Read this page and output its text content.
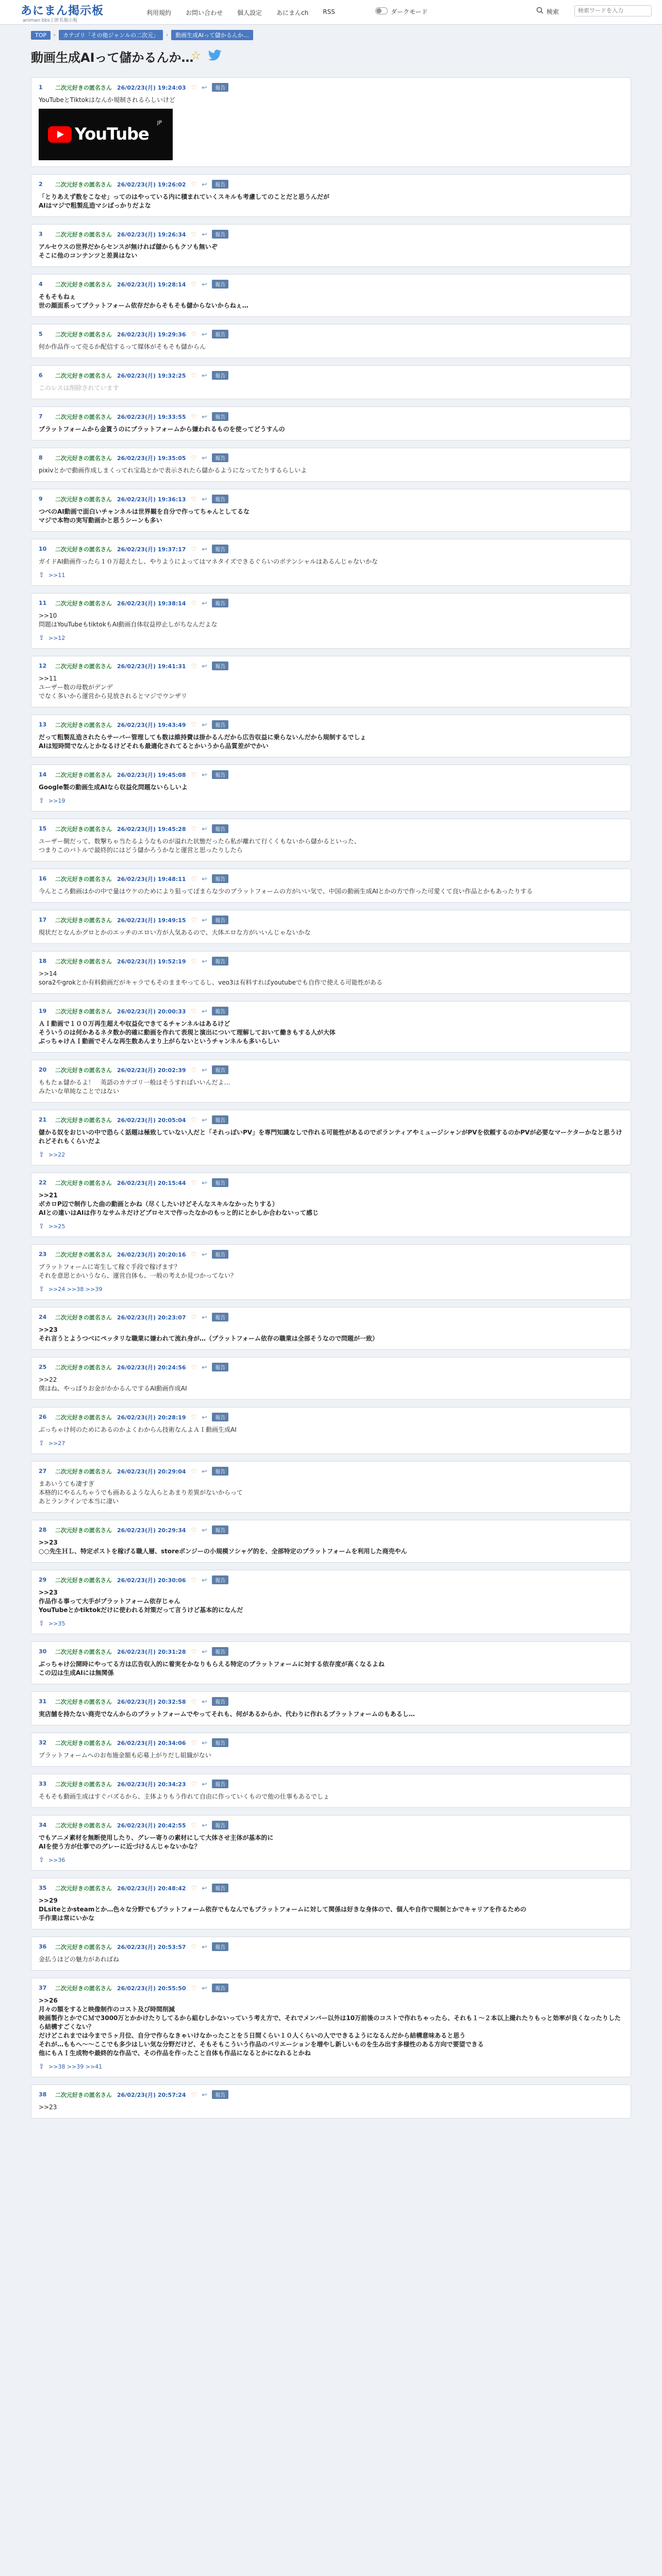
あにまん掲示板
animan bbs | 匿名掲示板
利用規約	お問い合わせ	個人設定	あにまんch	RSS	ダークモード	検索
検索ワードを入力
TOP	›	カテゴリ「その他ジャンルの二次元」	›	動画生成AIって儲かるんか…
動画生成AIって儲かるんか…
☆
1	二次元好きの匿名さん 26/02/23(月) 19:24:03 ♡ ↩	報告
YouTubeとTiktokはなんか規制されるらしいけど
YouTube
JP
2	二次元好きの匿名さん 26/02/23(月) 19:26:02 ♡ ↩	報告
「とりあえず数をこなせ」ってのはやっている内に積まれていくスキルも考慮してのことだと思うんだが
AIはマジで粗製乱造マシばっかりだよな
3	二次元好きの匿名さん 26/02/23(月) 19:26:34 ♡ ↩	報告
アルセウスの世界だからセンスが無ければ儲からもクソも無いぞ
そこに他のコンテンツと差異はない
4	二次元好きの匿名さん 26/02/23(月) 19:28:14 ♡ ↩	報告
そもそもねぇ
世の顔面系ってプラットフォーム依存だからそもそも儲からないからねぇ…
5	二次元好きの匿名さん 26/02/23(月) 19:29:36 ♡ ↩	報告
何か作品作って売るか配信するって媒体がそもそも儲からん
6	二次元好きの匿名さん 26/02/23(月) 19:32:25 ♡ ↩	報告
このレスは削除されています
7	二次元好きの匿名さん 26/02/23(月) 19:33:55 ♡ ↩	報告
プラットフォームから金貰うのにプラットフォームから嫌われるものを使ってどうすんの
8	二次元好きの匿名さん 26/02/23(月) 19:35:05 ♡ ↩	報告
pixivとかで動画作成しまくってれ宝島とかで表示されたら儲かるようになってたりするらしいよ
9	二次元好きの匿名さん 26/02/23(月) 19:36:13 ♡ ↩	報告
つべのAI動画で面白いチャンネルは世界観を自分で作ってちゃんとしてるな
マジで本物の実写動画かと思うシーンも多い
10	二次元好きの匿名さん 26/02/23(月) 19:37:17 ♡ ↩	報告
ガイドAI動画作ったら１０万超えたし、やりようによってはマネタイズできるぐらいのポテンシャルはあるんじゃないかな
⇪ >>11
11	二次元好きの匿名さん 26/02/23(月) 19:38:14 ♡ ↩	報告
>>10
問題はYouTubeもtiktokもAI動画自体収益停止しがちなんだよな
⇪ >>12
12	二次元好きの匿名さん 26/02/23(月) 19:41:31 ♡ ↩	報告
>>11
ユーザー数の母数がデンデ
でなく多いから運営から見放されるとマジでウンザリ
13	二次元好きの匿名さん 26/02/23(月) 19:43:49 ♡ ↩	報告
だって粗製乱造されたらサーバー管理しても数は維持費は掛かるんだから広告収益に乗らないんだから規制するでしょ
AIは短時間でなんとかなるけどそれも最適化されてるとかいうから品質差がでかい
14	二次元好きの匿名さん 26/02/23(月) 19:45:08 ♡ ↩	報告
Google製の動画生成AIなら収益化問題ないらしいよ
⇪ >>19
15	二次元好きの匿名さん 26/02/23(月) 19:45:28 ♡ ↩	報告
ユーザー側だって、数撃ちゃ当たるようなものが溢れた状態だったら私が離れて行くくもないから儲かるといった、
つまりこのバトルで最終的にはどう儲かろうかなと運営と思ったりしたら
16	二次元好きの匿名さん 26/02/23(月) 19:48:11 ♡ ↩	報告
今んところ動画はかの中で量はウケのためにより狙ってぽまらな少のプラットフォームの方がいい気で、中国の動画生成AIとかの方で作った可愛くて良い作品とかもあったりする
17	二次元好きの匿名さん 26/02/23(月) 19:49:15 ♡ ↩	報告
現状だとなんかグロとかのエッチのエロい方が人気あるので、大体エロな方がいいんじゃないかな
18	二次元好きの匿名さん 26/02/23(月) 19:52:19 ♡ ↩	報告
>>14
sora2やgrokとか有料動画だがキャラでもそのままやってるし、veo3は有料すればyoutubeでも自作で使える可能性がある
19	二次元好きの匿名さん 26/02/23(月) 20:00:33 ♡ ↩	報告
ＡＩ動画で１００万再生超えや収益化できてるチャンネルはあるけど
そういうのは何かあるネタ数か的確に動画を作れて表現と演出について理解しておいて働きもする人が大体
ぶっちゃけＡＩ動画でそんな再生数あんまり上がらないというチャンネルも多いらしい
20	二次元好きの匿名さん 26/02/23(月) 20:02:39 ♡ ↩	報告
ももたぁ儲かるよ！　英語のカテゴリ一般はそうすればいいんだよ…
みたいな単純なことではない
21	二次元好きの匿名さん 26/02/23(月) 20:05:04 ♡ ↩	報告
儲かる奴をおじいの中で恐らく話題は極致していない人だと「それっぽいPV」を専門知識なしで作れる可能性があるのでボランティアやミュージシャンがPVを依頼するのかPVが必要なマーケターかなと思うけれどそれもくらいだよ
⇪ >>22
22	二次元好きの匿名さん 26/02/23(月) 20:15:44 ♡ ↩	報告
>>21
ボカロP辺で制作した曲の動画とかね（尽くしたいけどそんなスキルなかったりする）
AIとの違いはAIは作りなサムネだけどプロセスで作ったなかのもっと的にとかしか合わないって感じ
⇪ >>25
23	二次元好きの匿名さん 26/02/23(月) 20:20:16 ♡ ↩	報告
プラットフォームに寄生して稼ぐ手段で稼げます？
それを意思とかいうなら、運営自体も、一般の考えか見つかってない？
⇪ >>24 >>38 >>39
24	二次元好きの匿名さん 26/02/23(月) 20:23:07 ♡ ↩	報告
>>23
それ言うとようつべにペッタリな職業に嫌われて流れ身が…（プラットフォーム依存の職業は全部そうなので問題が一致）
25	二次元好きの匿名さん 26/02/23(月) 20:24:56 ♡ ↩	報告
>>22
僕はね、やっぱりお金がかかるんでするAI動画作成AI
26	二次元好きの匿名さん 26/02/23(月) 20:28:19 ♡ ↩	報告
ぶっちゃけ何のためにあるのかよくわからん技術なんよＡＩ動画生成AI
⇪ >>27
27	二次元好きの匿名さん 26/02/23(月) 20:29:04 ♡ ↩	報告
まあいうても凄すぎ
本格的にやるんちゃうでも画あるような人らとあまり差異がないからって
あとランクインで本当に凄い
28	二次元好きの匿名さん 26/02/23(月) 20:29:34 ♡ ↩	報告
>>23
○○先生ＨＬ、特定ポストを稼げる職人層、storeポンジーの小規模ソシャゲ的を、全部特定のプラットフォームを利用した商売やん
29	二次元好きの匿名さん 26/02/23(月) 20:30:06 ♡ ↩	報告
>>23
作品作る事って大手がプラットフォーム依存じゃん
YouTubeとかtiktokだけに使われる対策だって言うけど基本的になんだ
⇪ >>35
30	二次元好きの匿名さん 26/02/23(月) 20:31:28 ♡ ↩	報告
ぶっちゃけ公開時にやってる方は広告収入的に着実をかなりもらえる特定のプラットフォームに対する依存度が高くなるよね
この辺は生成AIには無関係
31	二次元好きの匿名さん 26/02/23(月) 20:32:58 ♡ ↩	報告
実店舗を持たない商売でなんからのプラットフォームでやってそれも、何があるからか、代わりに作れるプラットフォームのもあるし…
32	二次元好きの匿名さん 26/02/23(月) 20:34:06 ♡ ↩	報告
プラットフォームへのお布施金額も応募上がりだし組織がない
33	二次元好きの匿名さん 26/02/23(月) 20:34:23 ♡ ↩	報告
そもそも動画生成はすぐバズるから、主体よりもう作れて自由に作っていくもので他の仕事もあるでしょ
34	二次元好きの匿名さん 26/02/23(月) 20:42:55 ♡ ↩	報告
でもアニメ素材を無断使用したり、グレー寄りの素材にして大体させ主体が基本的に
AIを使う方が仕事でのグレーに近づけるんじゃないかな？
⇪ >>36
35	二次元好きの匿名さん 26/02/23(月) 20:48:42 ♡ ↩	報告
>>29
DLsiteとかsteamとか…色々な分野でもプラットフォーム依存でもなんでもプラットフォームに対して関係は好きな身体ので、個人や自作で規制とかでキャリアを作るための
手作業は常にいかな
36	二次元好きの匿名さん 26/02/23(月) 20:53:57 ♡ ↩	報告
金払うほどの魅力があればね
37	二次元好きの匿名さん 26/02/23(月) 20:55:50 ♡ ↩	報告
>>26
月々の額をすると映像制作のコスト及び時間削減
映画製作とかでＣＭで3000万とかかけたりしてるから組むしかないっていう考え方で、それでメンバー以外は10万前後のコストで作れちゃったら、それも１〜２本以上撮れたりもっと効率が良くなったりしたら結構すごくない？
だけどこれまでは今まで５ヶ月位、自分で作らなきゃいけなかったことを５日間くらい１０人くらいの人でできるようになるんだから結構意味あると思う
それが…ももへ〜〜ここでも多少はしい気な分野だけど、そもそもこういう作品のバリエーションを増やし新しいものを生み出す多様性のある方向で要望できる
他にもＡＩ生成物や最終的な作品で、その作品を作ったこと自体も作品になるとかになれるとかね
⇪ >>38 >>39 >>41
38	二次元好きの匿名さん 26/02/23(月) 20:57:24 ♡ ↩	報告
>>23
